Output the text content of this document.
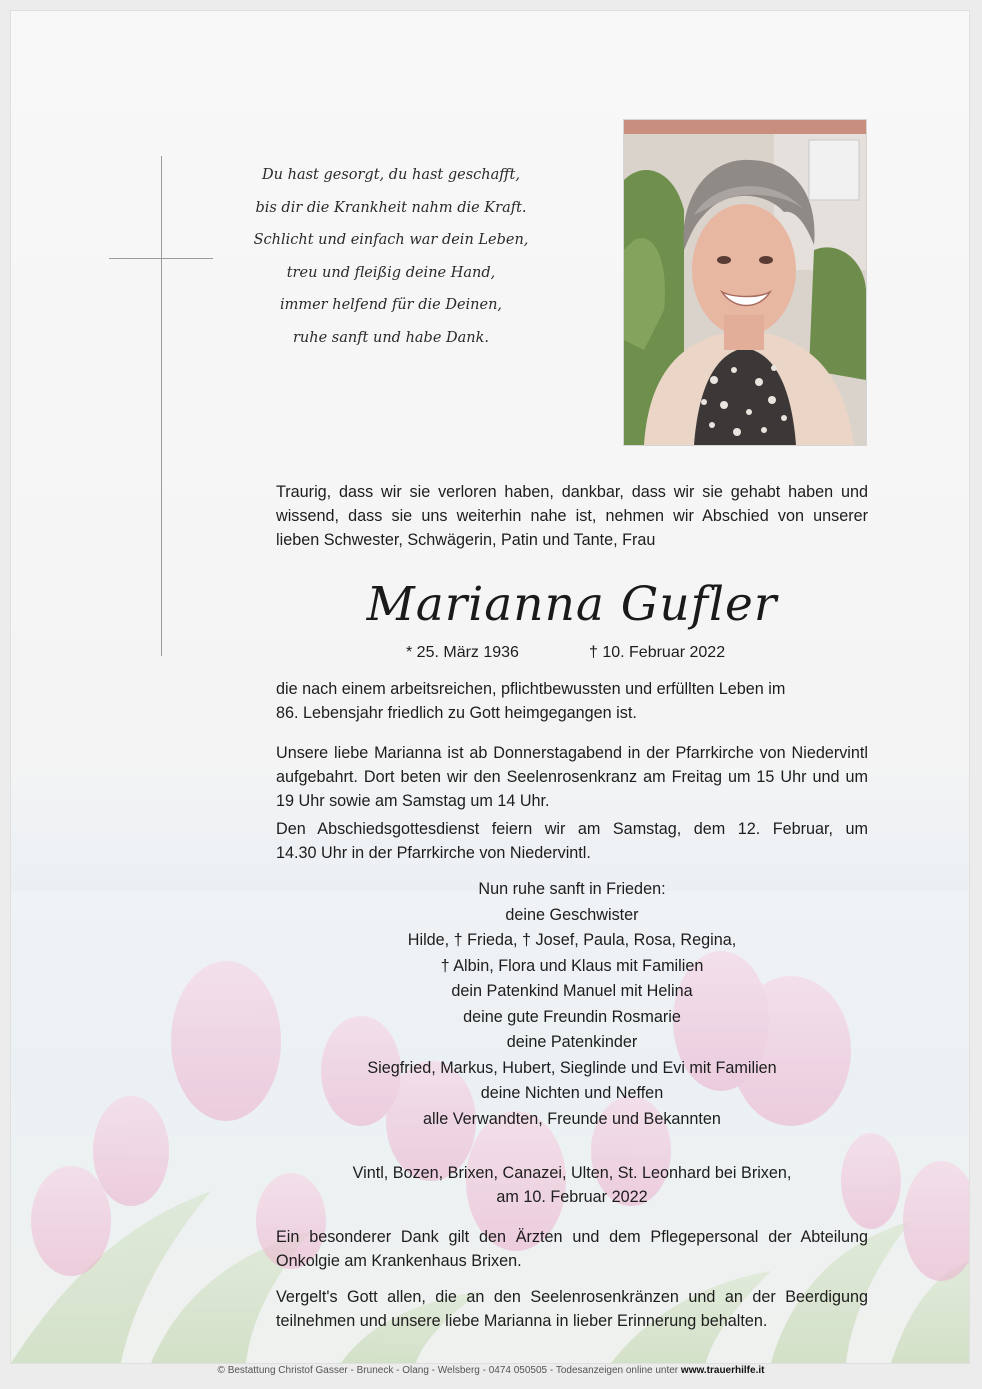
Du hast gesorgt, du hast geschafft,
bis dir die Krankheit nahm die Kraft.
Schlicht und einfach war dein Leben,
treu und fleißig deine Hand,
immer helfend für die Deinen,
ruhe sanft und habe Dank.
Traurig, dass wir sie verloren haben, dankbar, dass wir sie gehabt haben und
wissend, dass sie uns weiterhin nahe ist, nehmen wir Abschied von unserer
lieben Schwester, Schwägerin, Patin und Tante, Frau
Marianna Gufler
* 25. März 1936	† 10. Februar 2022
die nach einem arbeitsreichen, pflichtbewussten und erfüllten Leben im
86. Lebensjahr friedlich zu Gott heimgegangen ist.
Unsere liebe Marianna ist ab Donnerstagabend in der Pfarrkirche von Niedervintl
aufgebahrt. Dort beten wir den Seelenrosenkranz am Freitag um 15 Uhr und um
19 Uhr sowie am Samstag um 14 Uhr.
Den Abschiedsgottesdienst feiern wir am Samstag, dem 12. Februar, um
14.30 Uhr in der Pfarrkirche von Niedervintl.
Nun ruhe sanft in Frieden:
deine Geschwister
Hilde, † Frieda, † Josef, Paula, Rosa, Regina,
† Albin, Flora und Klaus mit Familien
dein Patenkind Manuel mit Helina
deine gute Freundin Rosmarie
deine Patenkinder
Siegfried, Markus, Hubert, Sieglinde und Evi mit Familien
deine Nichten und Neffen
alle Verwandten, Freunde und Bekannten
Vintl, Bozen, Brixen, Canazei, Ulten, St. Leonhard bei Brixen,
am 10. Februar 2022
Ein besonderer Dank gilt den Ärzten und dem Pflegepersonal der Abteilung
Onkolgie am Krankenhaus Brixen.
Vergelt's Gott allen, die an den Seelenrosenkränzen und an der Beerdigung
teilnehmen und unsere liebe Marianna in lieber Erinnerung behalten.
© Bestattung Christof Gasser - Bruneck - Olang - Welsberg - 0474 050505 - Todesanzeigen online unter www.trauerhilfe.it
